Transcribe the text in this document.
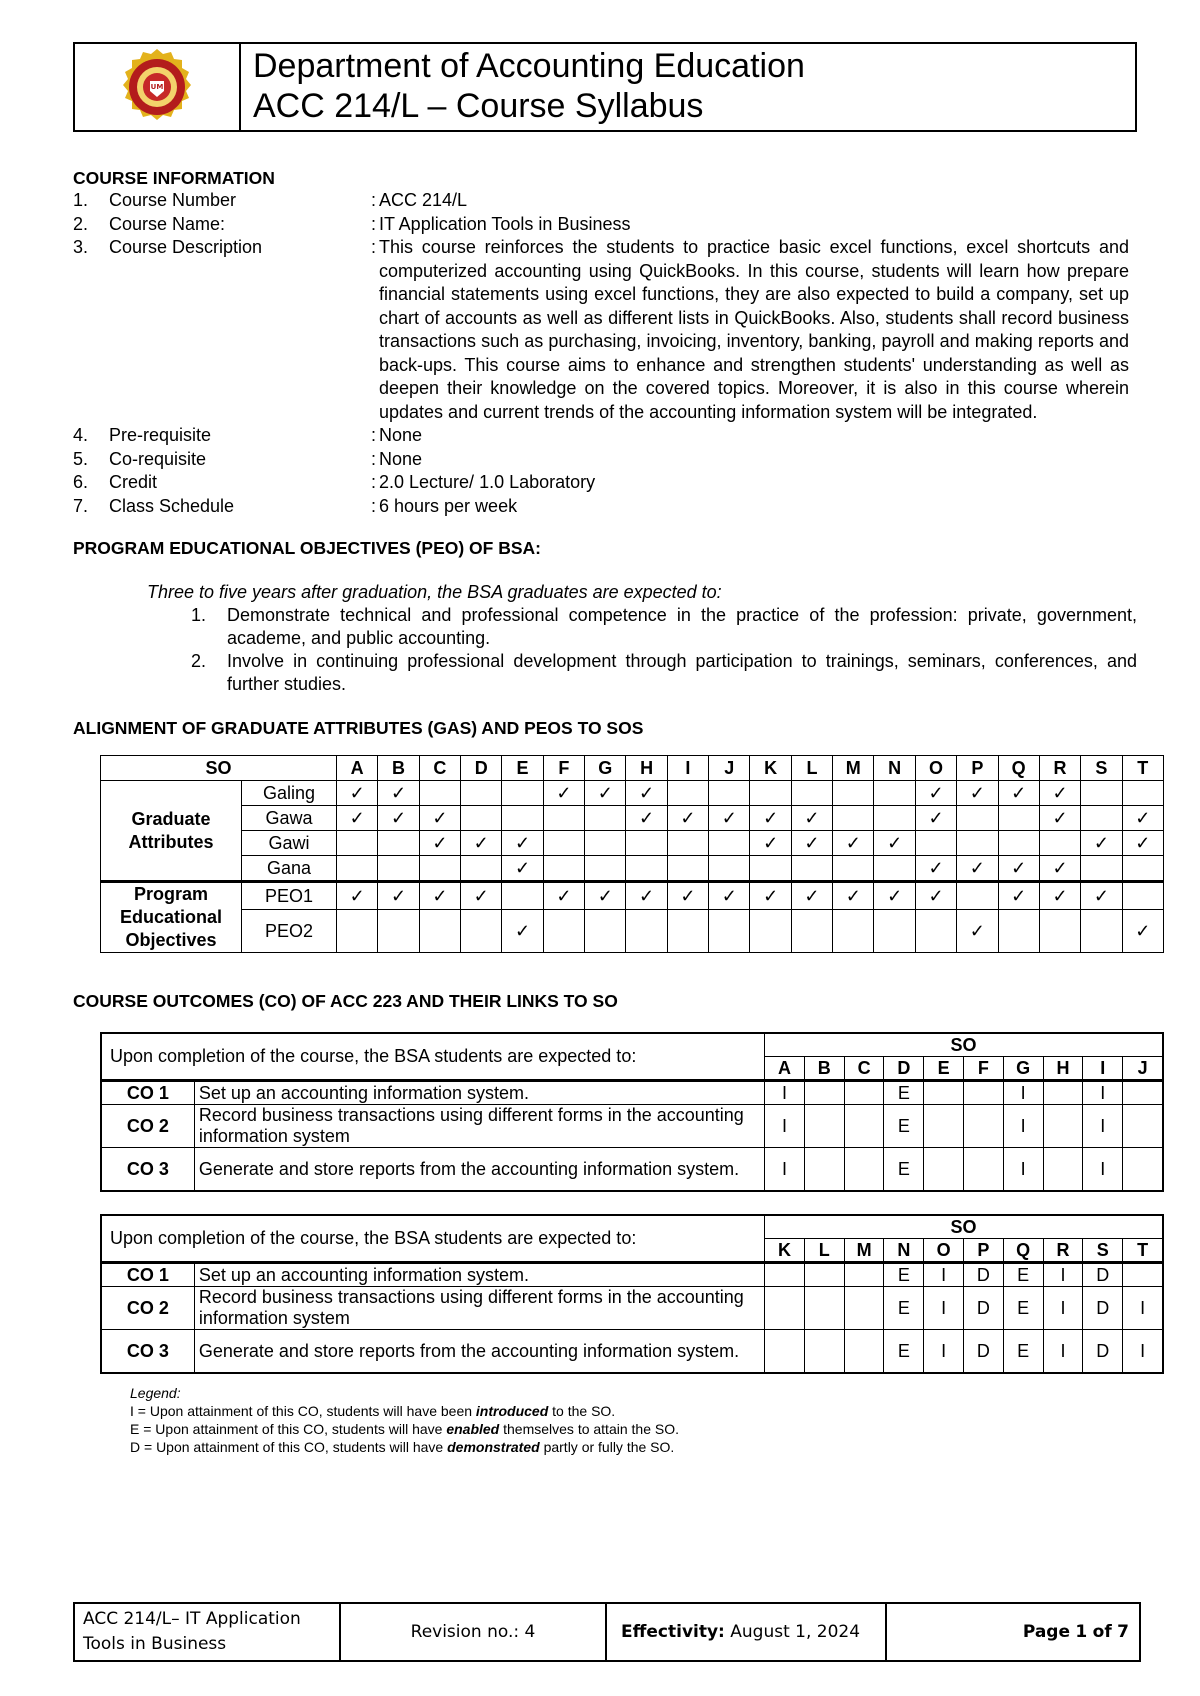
UM
Department of Accounting Education
ACC 214/L – Course Syllabus
COURSE INFORMATION
1.	Course Number	: ACC 214/L
2.	Course Name:	: IT Application Tools in Business
3.	Course Description	: This course reinforces the students to practice basic excel functions, excel shortcuts and computerized accounting using QuickBooks. In this course, students will learn how prepare financial statements using excel functions, they are also expected to build a company, set up chart of accounts as well as different lists in QuickBooks. Also, students shall record business transactions such as purchasing, invoicing, inventory, banking, payroll and making reports and back-ups. This course aims to enhance and strengthen students' understanding as well as deepen their knowledge on the covered topics. Moreover, it is also in this course wherein updates and current trends of the accounting information system will be integrated.
4.	Pre-requisite	: None
5.	Co-requisite	: None
6.	Credit	: 2.0 Lecture/ 1.0 Laboratory
7.	Class Schedule	: 6 hours per week
PROGRAM EDUCATIONAL OBJECTIVES (PEO) OF BSA:
Three to five years after graduation, the BSA graduates are expected to:
1.	Demonstrate technical and professional competence in the practice of the profession: private, government, academe, and public accounting.
2.	Involve in continuing professional development through participation to trainings, seminars, conferences, and further studies.
ALIGNMENT OF GRADUATE ATTRIBUTES (GAS) AND PEOS TO SOS
SO		A	B	C	D	E	F	G	H	I	J	K	L	M	N	O	P	Q	R	S	T
Graduate Attributes	Galing	✓	✓				✓	✓	✓							✓	✓	✓	✓		
	Gawa	✓	✓	✓					✓	✓	✓	✓	✓			✓			✓		✓
	Gawi			✓	✓	✓						✓	✓	✓	✓					✓	✓
	Gana					✓										✓	✓	✓	✓		
Program Educational Objectives	PEO1	✓	✓	✓	✓		✓	✓	✓	✓	✓	✓	✓	✓	✓	✓		✓	✓	✓	
	PEO2					✓											✓				✓
COURSE OUTCOMES (CO) OF ACC 223 AND THEIR LINKS TO SO
Upon completion of the course, the BSA students are expected to:		SO									
		A	B	C	D	E	F	G	H	I	J
CO 1	Set up an accounting information system.	I			E			I		I	
CO 2	Record business transactions using different forms in the accounting information system	I			E			I		I	
CO 3	Generate and store reports from the accounting information system.	I			E			I		I	
Upon completion of the course, the BSA students are expected to:		SO									
		K	L	M	N	O	P	Q	R	S	T
CO 1	Set up an accounting information system.				E	I	D	E	I	D	
CO 2	Record business transactions using different forms in the accounting information system				E	I	D	E	I	D	I
CO 3	Generate and store reports from the accounting information system.				E	I	D	E	I	D	I
Legend:
I = Upon attainment of this CO, students will have been introduced to the SO.
E = Upon attainment of this CO, students will have enabled themselves to attain the SO.
D = Upon attainment of this CO, students will have demonstrated partly or fully the SO.
ACC 214/L– IT Application
Tools in Business
Revision no.:
4	Effectivity:
August 1, 2024	Page
1
of
7
